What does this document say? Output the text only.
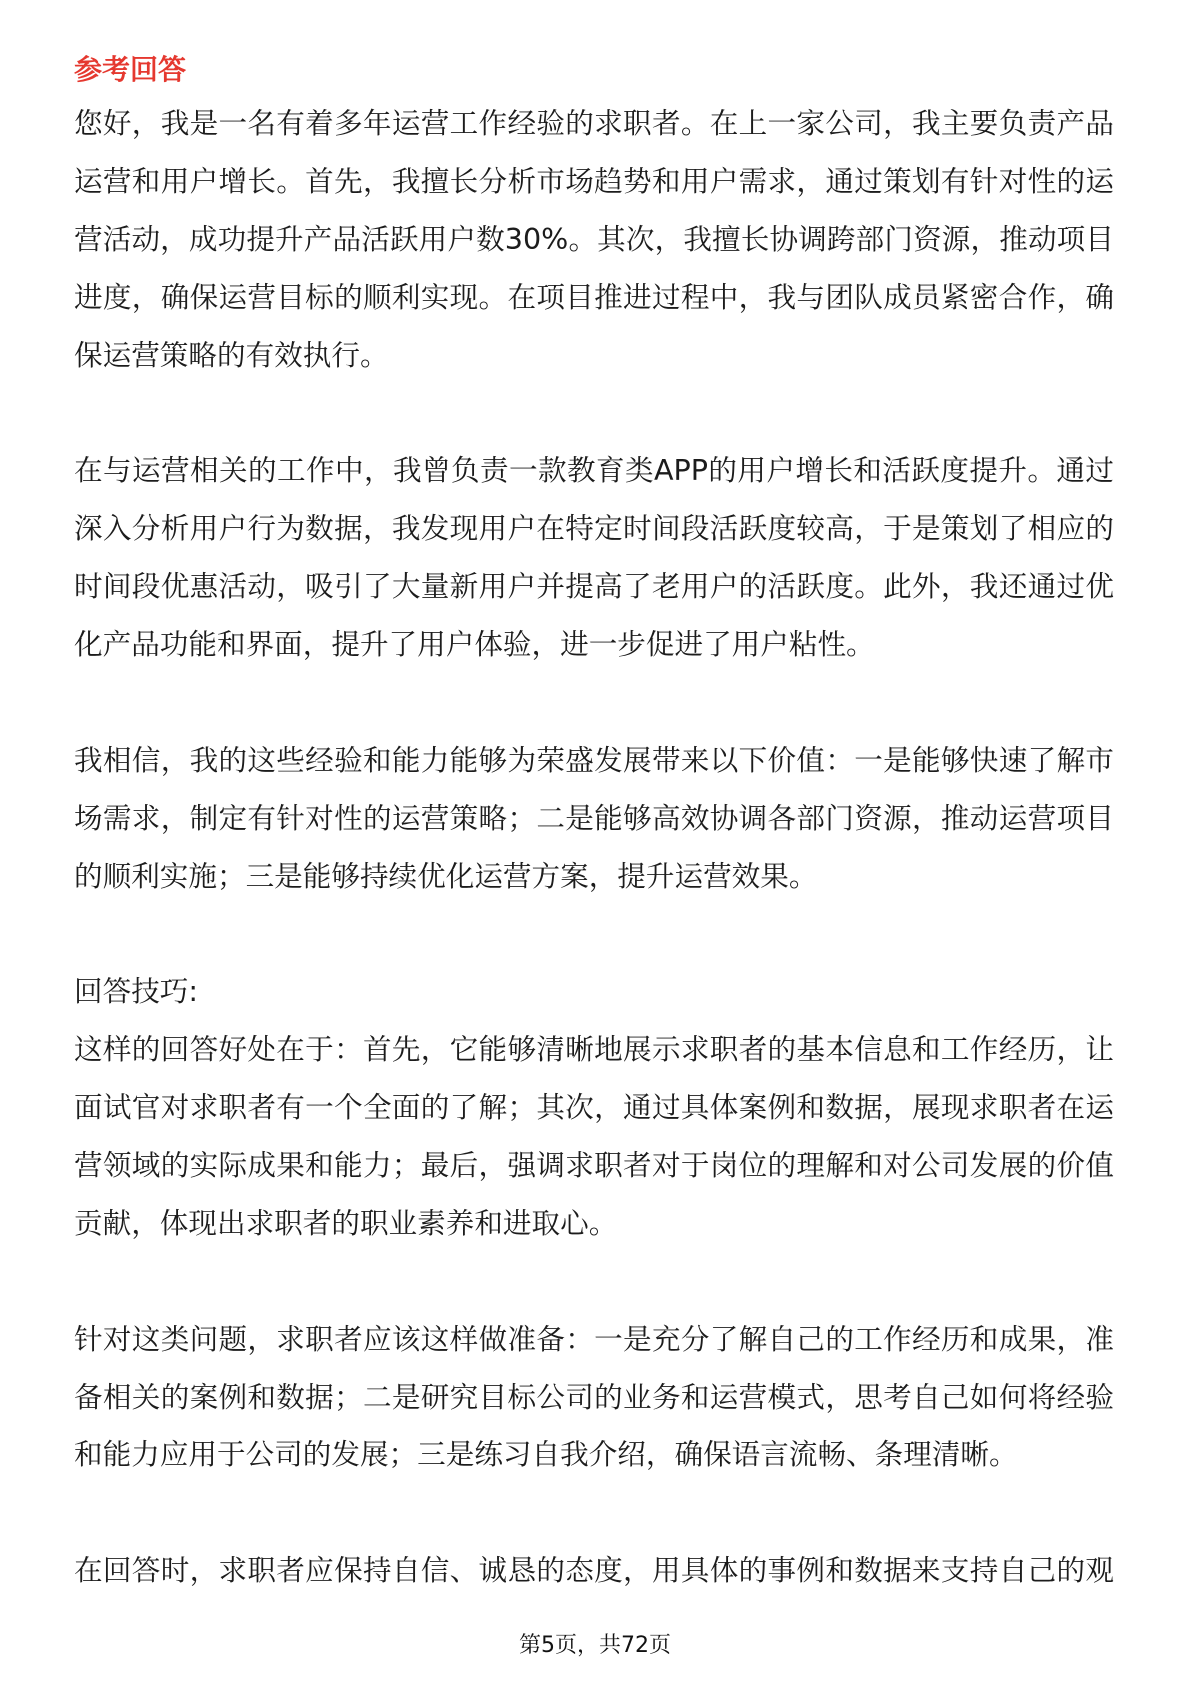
参考回答
您好，我是一名有着多年运营工作经验的求职者。在上一家公司，我主要负责产品
运营和用户增长。首先，我擅长分析市场趋势和用户需求，通过策划有针对性的运
营活动，成功提升产品活跃用户数30%。其次，我擅长协调跨部门资源，推动项目
进度，确保运营目标的顺利实现。在项目推进过程中，我与团队成员紧密合作，确
保运营策略的有效执行。
在与运营相关的工作中，我曾负责一款教育类APP的用户增长和活跃度提升。通过
深入分析用户行为数据，我发现用户在特定时间段活跃度较高，于是策划了相应的
时间段优惠活动，吸引了大量新用户并提高了老用户的活跃度。此外，我还通过优
化产品功能和界面，提升了用户体验，进一步促进了用户粘性。
我相信，我的这些经验和能力能够为荣盛发展带来以下价值：一是能够快速了解市
场需求，制定有针对性的运营策略；二是能够高效协调各部门资源，推动运营项目
的顺利实施；三是能够持续优化运营方案，提升运营效果。
回答技巧:
这样的回答好处在于：首先，它能够清晰地展示求职者的基本信息和工作经历，让
面试官对求职者有一个全面的了解；其次，通过具体案例和数据，展现求职者在运
营领域的实际成果和能力；最后，强调求职者对于岗位的理解和对公司发展的价值
贡献，体现出求职者的职业素养和进取心。
针对这类问题，求职者应该这样做准备：一是充分了解自己的工作经历和成果，准
备相关的案例和数据；二是研究目标公司的业务和运营模式，思考自己如何将经验
和能力应用于公司的发展；三是练习自我介绍，确保语言流畅、条理清晰。
在回答时，求职者应保持自信、诚恳的态度，用具体的事例和数据来支持自己的观
第5页，共72页
